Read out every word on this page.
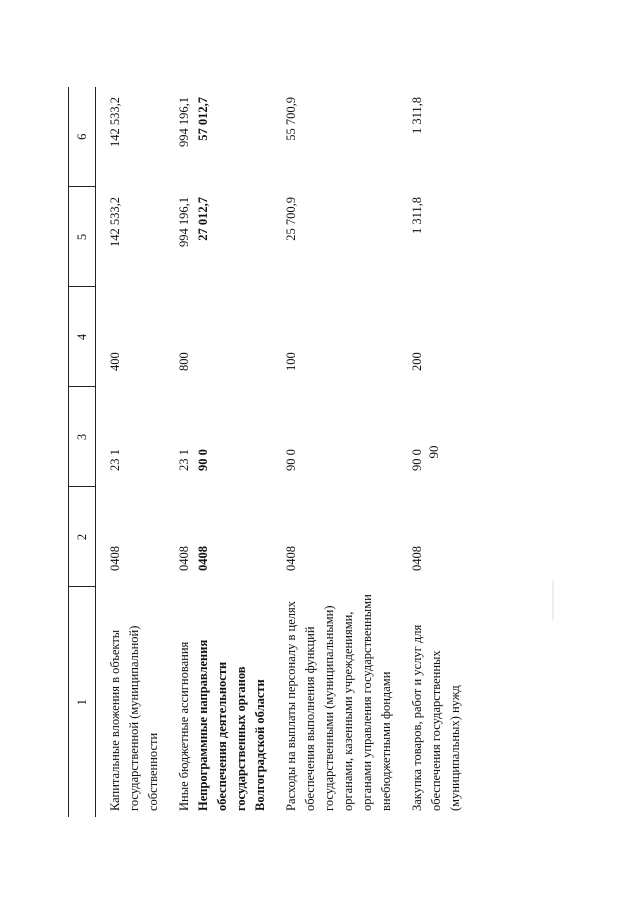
90
1	2	3	4	5	6
Капитальные вложения в объекты государственной (муниципальной) собственности	0408	23 1	400	142 533,2	142 533,2
Иные бюджетные ассигнования	0408	23 1	800	994 196,1	994 196,1
Непрограммные направления обеспечения деятельности государственных органов Волгоградской области	0408	90 0		27 012,7	57 012,7
Расходы на выплаты персоналу в целях обеспечения выполнения функций государственными (муниципальными) органами, казенными учреждениями, органами управления государственными внебюджетными фондами	0408	90 0	100	25 700,9	55 700,9
Закупка товаров, работ и услуг для обеспечения государственных (муниципальных) нужд	0408	90 0	200	1 311,8	1 311,8
